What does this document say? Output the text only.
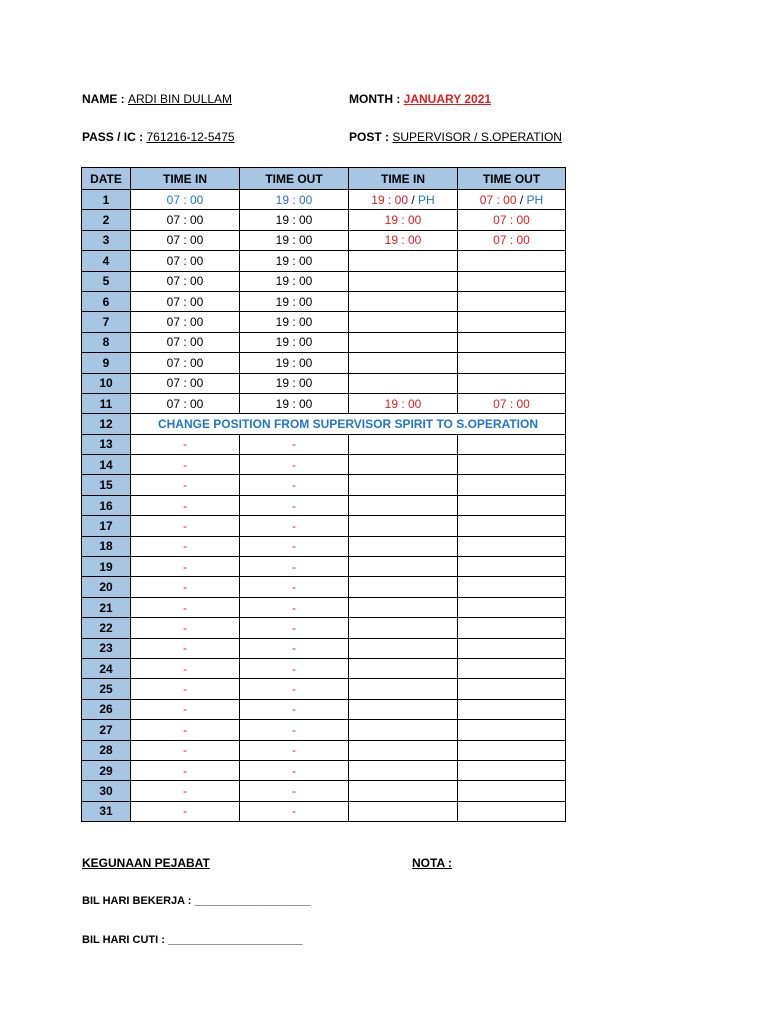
NAME : ARDI BIN DULLAM	MONTH : JANUARY 2021
PASS / IC : 761216-12-5475	POST : SUPERVISOR / S.OPERATION
DATE	TIME IN	TIME OUT	TIME IN	TIME OUT
1	07 : 00	19 : 00	19 : 00 / PH	07 : 00 / PH
2	07 : 00	19 : 00	19 : 00	07 : 00
3	07 : 00	19 : 00	19 : 00	07 : 00
4	07 : 00	19 : 00		
5	07 : 00	19 : 00		
6	07 : 00	19 : 00		
7	07 : 00	19 : 00		
8	07 : 00	19 : 00		
9	07 : 00	19 : 00		
10	07 : 00	19 : 00		
11	07 : 00	19 : 00	19 : 00	07 : 00
12	CHANGE POSITION FROM SUPERVISOR SPIRIT TO S.OPERATION			
13	-	-		
14	-	-		
15	-	-		
16	-	-		
17	-	-		
18	-	-		
19	-	-		
20	-	-		
21	-	-		
22	-	-		
23	-	-		
24	-	-		
25	-	-		
26	-	-		
27	-	-		
28	-	-		
29	-	-		
30	-	-		
31	-	-		
KEGUNAAN PEJABAT	NOTA :
BIL HARI BEKERJA : ___________________
BIL HARI CUTI : ______________________
